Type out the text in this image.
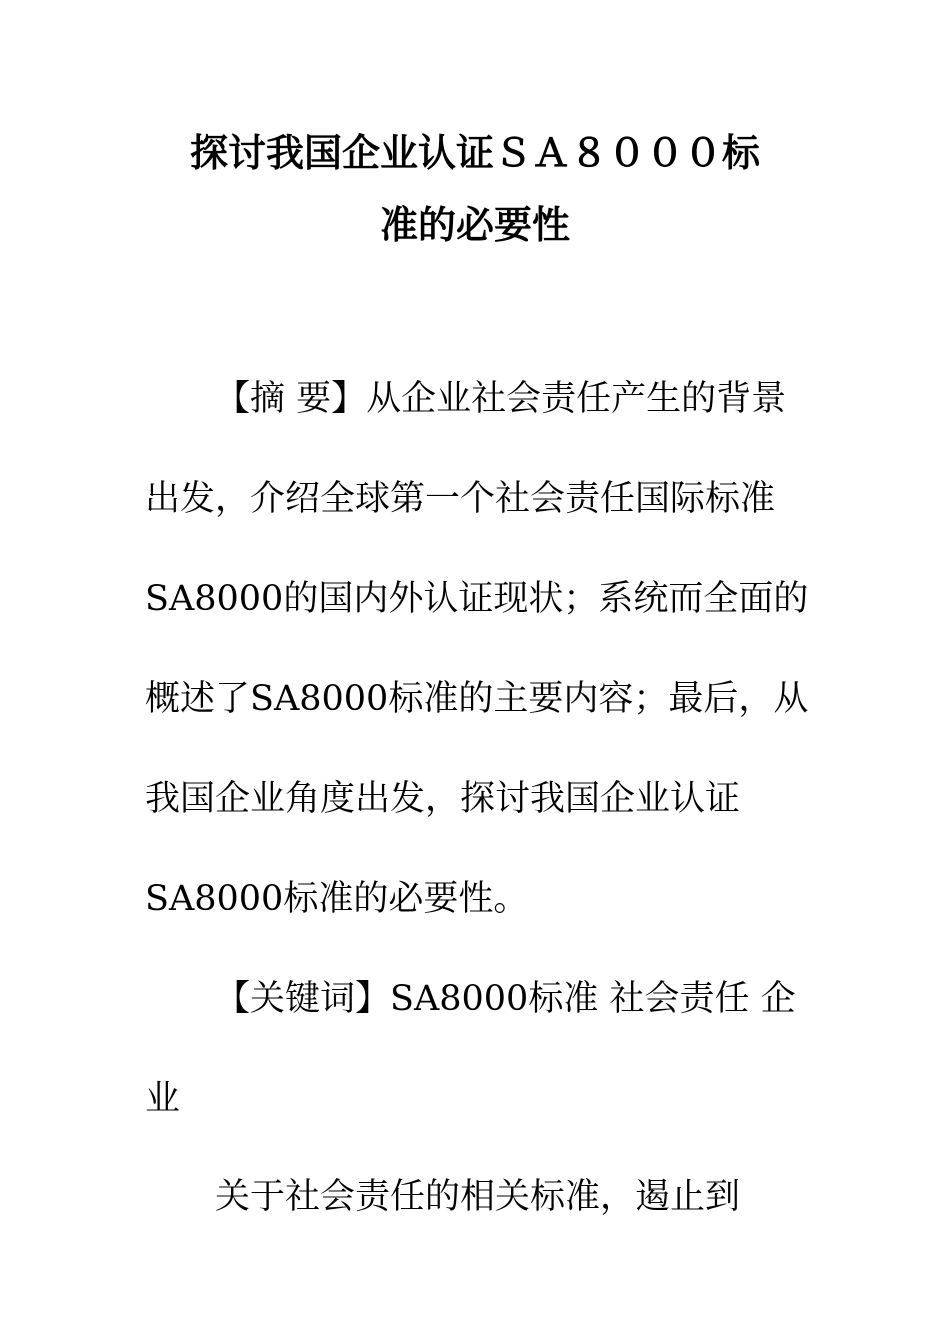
探讨我国企业认证ＳＡ８０００标
准的必要性
【摘 要】从企业社会责任产生的背景
出发，介绍全球第一个社会责任国际标准
SA8000的国内外认证现状；系统而全面的
概述了SA8000标准的主要内容；最后，从
我国企业角度出发，探讨我国企业认证
SA8000标准的必要性。
【关键词】SA8000标准 社会责任 企
业
关于社会责任的相关标准，遏止到
